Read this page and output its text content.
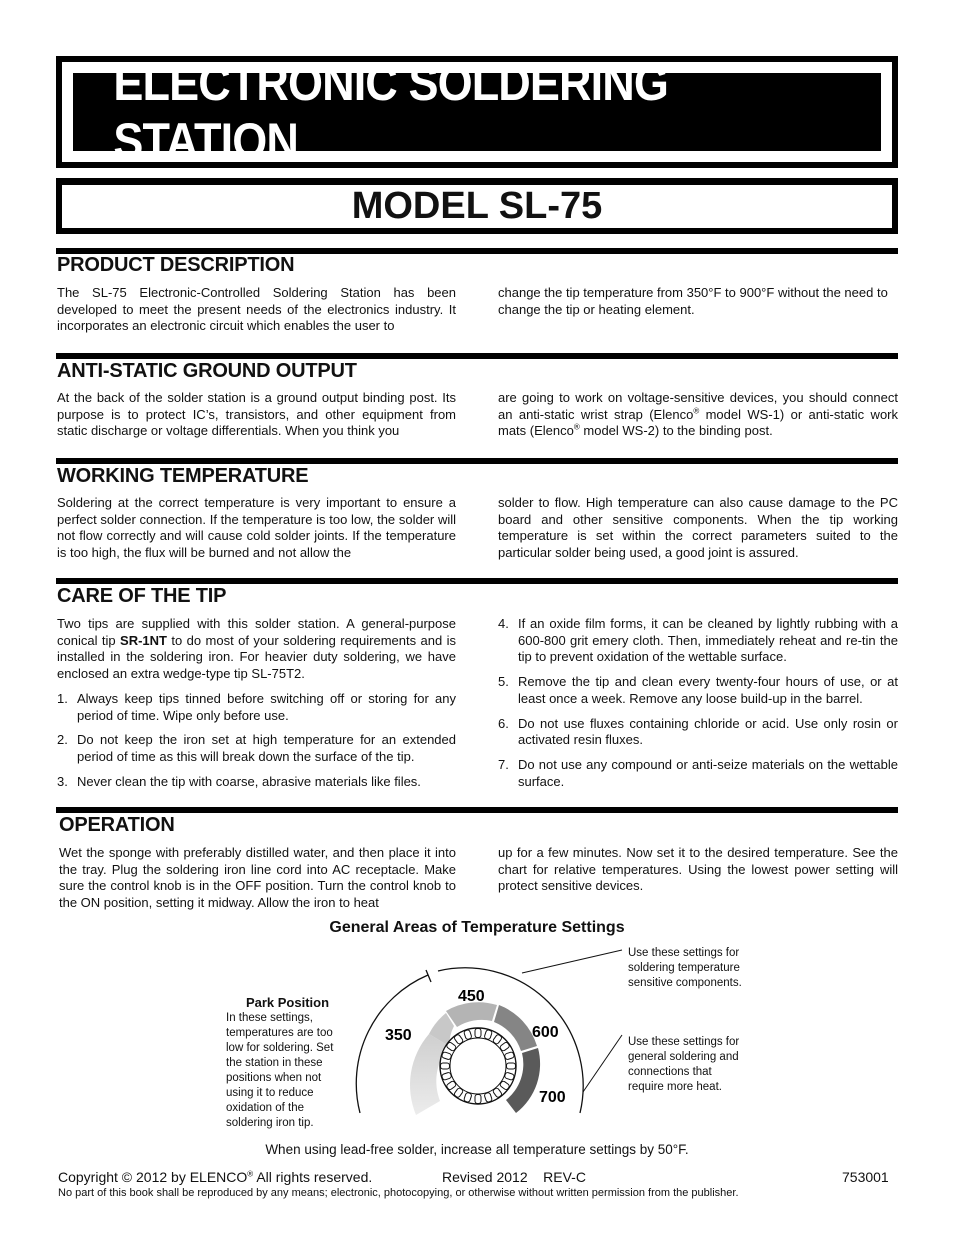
ELECTRONIC SOLDERING STATION
MODEL SL-75
PRODUCT DESCRIPTION
The SL-75 Electronic-Controlled Soldering Station has been developed to meet the present needs of the electronics industry. It incorporates an electronic circuit which enables the user to
change the tip temperature from 350°F to 900°F without the need to change the tip or heating element.
ANTI-STATIC GROUND OUTPUT
At the back of the solder station is a ground output binding post. Its purpose is to protect IC’s, transistors, and other equipment from static discharge or voltage differentials. When you think you
are going to work on voltage-sensitive devices, you should connect an anti-static wrist strap (Elenco® model WS-1) or anti-static work mats (Elenco® model WS-2) to the binding post.
WORKING TEMPERATURE
Soldering at the correct temperature is very important to ensure a perfect solder connection. If the temperature is too low, the solder will not flow correctly and will cause cold solder joints. If the temperature is too high, the flux will be burned and not allow the
solder to flow. High temperature can also cause damage to the PC board and other sensitive components. When the tip working temperature is set within the correct parameters suited to the particular solder being used, a good joint is assured.
CARE OF THE TIP

Two tips are supplied with this solder station. A general-purpose conical tip SR-1NT to do most of your soldering requirements and is installed in the soldering iron. For heavier duty soldering, we have enclosed an extra wedge-type tip SL-75T2.

1. Always keep tips tinned before switching off or storing for any period of time. Wipe only before use.
2. Do not keep the iron set at high temperature for an extended period of time as this will break down the surface of the tip.
3. Never clean the tip with coarse, abrasive materials like files.
4. If an oxide film forms, it can be cleaned by lightly rubbing with a 600-800 grit emery cloth. Then, immediately reheat and re-tin the tip to prevent oxidation of the wettable surface.
5. Remove the tip and clean every twenty-four hours of use, or at least once a week. Remove any loose build-up in the barrel.
6. Do not use fluxes containing chloride or acid. Use only rosin or activated resin fluxes.
7. Do not use any compound or anti-seize materials on the wettable surface.
OPERATION
Wet the sponge with preferably distilled water, and then place it into the tray. Plug the soldering iron line cord into AC receptacle. Make sure the control knob is in the OFF position. Turn the control knob to the ON position, setting it midway. Allow the iron to heat
up for a few minutes. Now set it to the desired temperature. See the chart for relative temperatures. Using the lowest power setting will protect sensitive devices.
General Areas of Temperature Settings
Park Position
In these settings,
temperatures are too
low for soldering. Set
the station in these
positions when not
using it to reduce
oxidation of the
soldering iron tip.
Use these settings for
soldering temperature
sensitive components.
Use these settings for
general soldering and
connections that
require more heat.
450
350	600
700
When using lead-free solder, increase all temperature settings by 50°F.
Copyright © 2012 by ELENCO® All rights reserved.	Revised 2012    REV-C	753001
No part of this book shall be reproduced by any means; electronic, photocopying, or otherwise without written permission from the publisher.
